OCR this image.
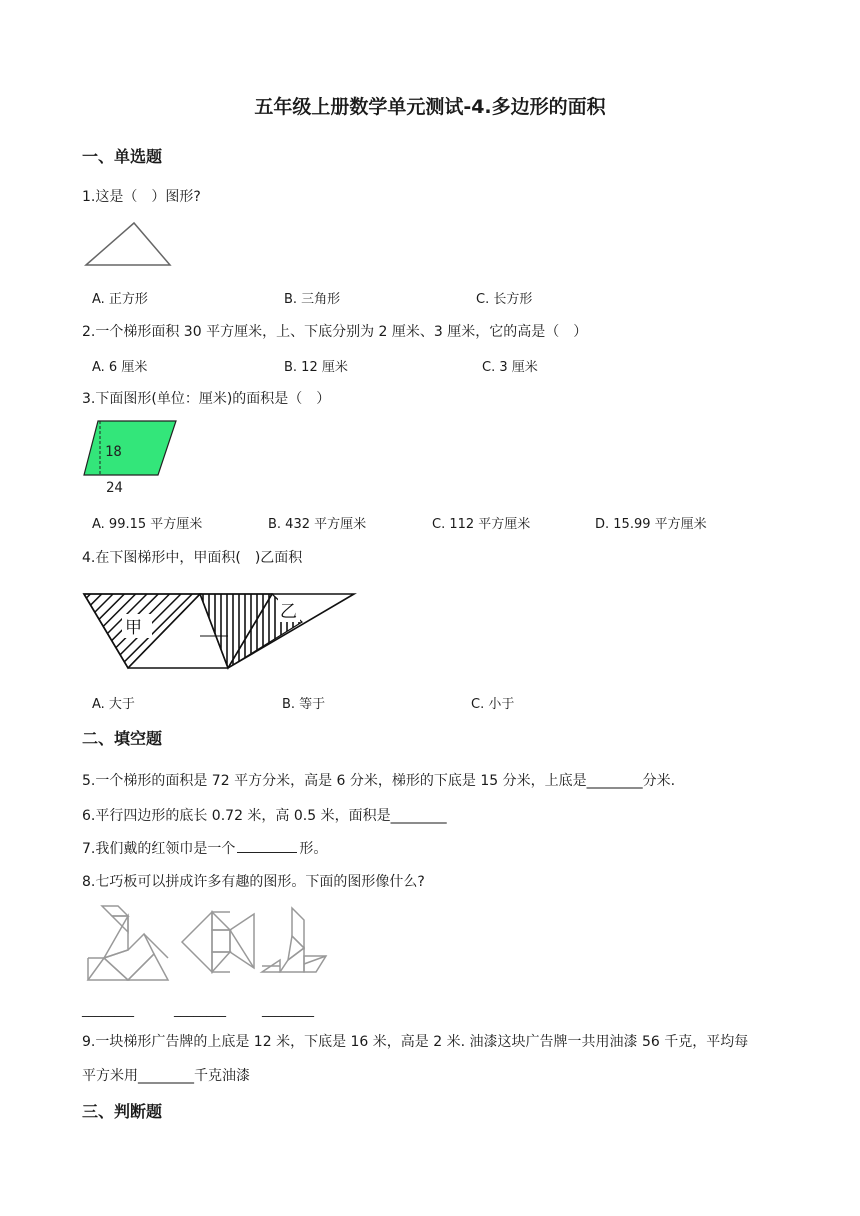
五年级上册数学单元测试-4.多边形的面积
一、单选题
1.这是（　）图形?
A. 正方形	B. 三角形	C. 长方形
2.一个梯形面积 30 平方厘米，上、下底分别为 2 厘米、3 厘米，它的高是（　）
A. 6 厘米	B. 12 厘米	C. 3 厘米
3.下面图形(单位：厘米)的面积是（　）
18
24
A. 99.15 平方厘米	B. 432 平方厘米	C. 112 平方厘米	D. 15.99 平方厘米
4.在下图梯形中，甲面积(　)乙面积
甲
乙
A. 大于	B. 等于	C. 小于
二、填空题
5.一个梯形的面积是 72 平方分米，高是 6 分米，梯形的下底是 15 分米，上底是________分米.
6.平行四边形的底长 0.72 米，高 0.5 米，面积是________
7.我们戴的红领巾是一个	形。
8.七巧板可以拼成许多有趣的图形。下面的图形像什么?
________	________	________
9.一块梯形广告牌的上底是 12 米，下底是 16 米，高是 2 米. 油漆这块广告牌一共用油漆 56 千克，平均每
平方米用________千克油漆
三、判断题
